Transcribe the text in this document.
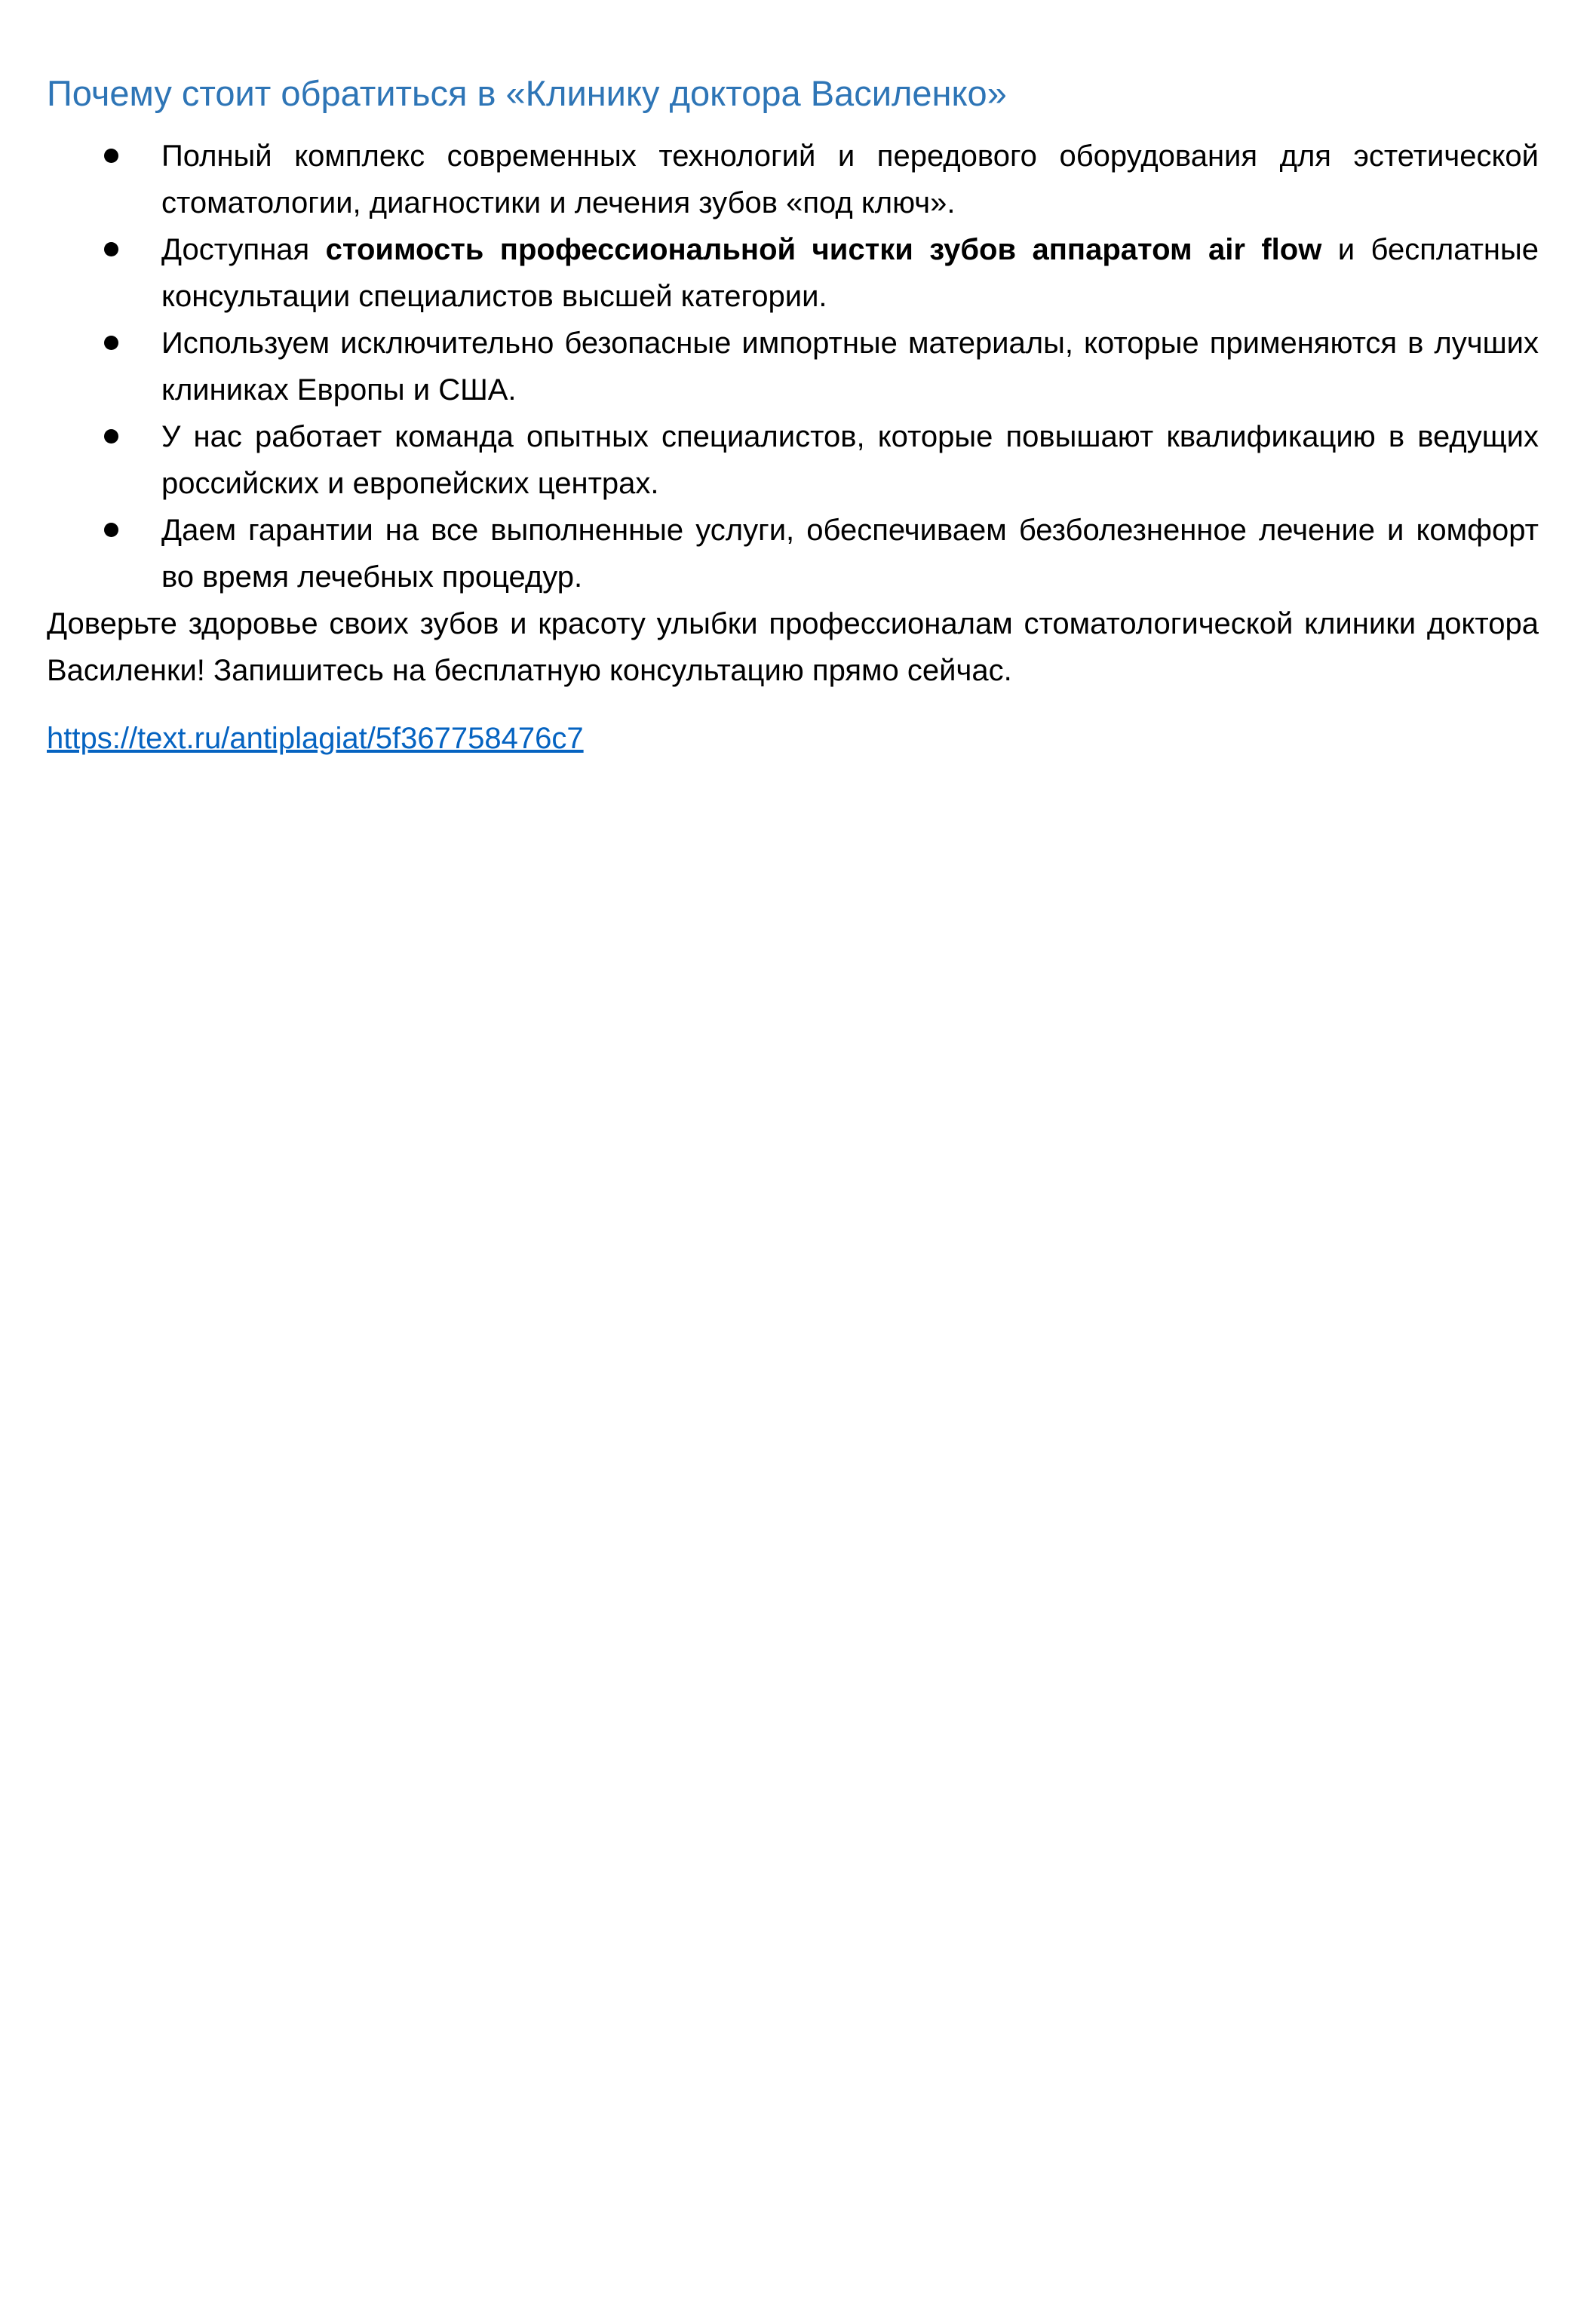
Почему стоит обратиться в «Клинику доктора Василенко»
Полный комплекс современных технологий и передового оборудования для эстетической стоматологии, диагностики и лечения зубов «под ключ».
Доступная стоимость профессиональной чистки зубов аппаратом air flow и бесплатные консультации специалистов высшей категории.
Используем исключительно безопасные импортные материалы, которые применяются в лучших клиниках Европы и США.
У нас работает команда опытных специалистов, которые повышают квалификацию в ведущих российских и европейских центрах.
Даем гарантии на все выполненные услуги, обеспечиваем безболезненное лечение и комфорт во время лечебных процедур.

Доверьте здоровье своих зубов и красоту улыбки профессионалам стоматологической клиники доктора Василенки! Запишитесь на бесплатную консультацию прямо сейчас.

https://text.ru/antiplagiat/5f367758476c7
